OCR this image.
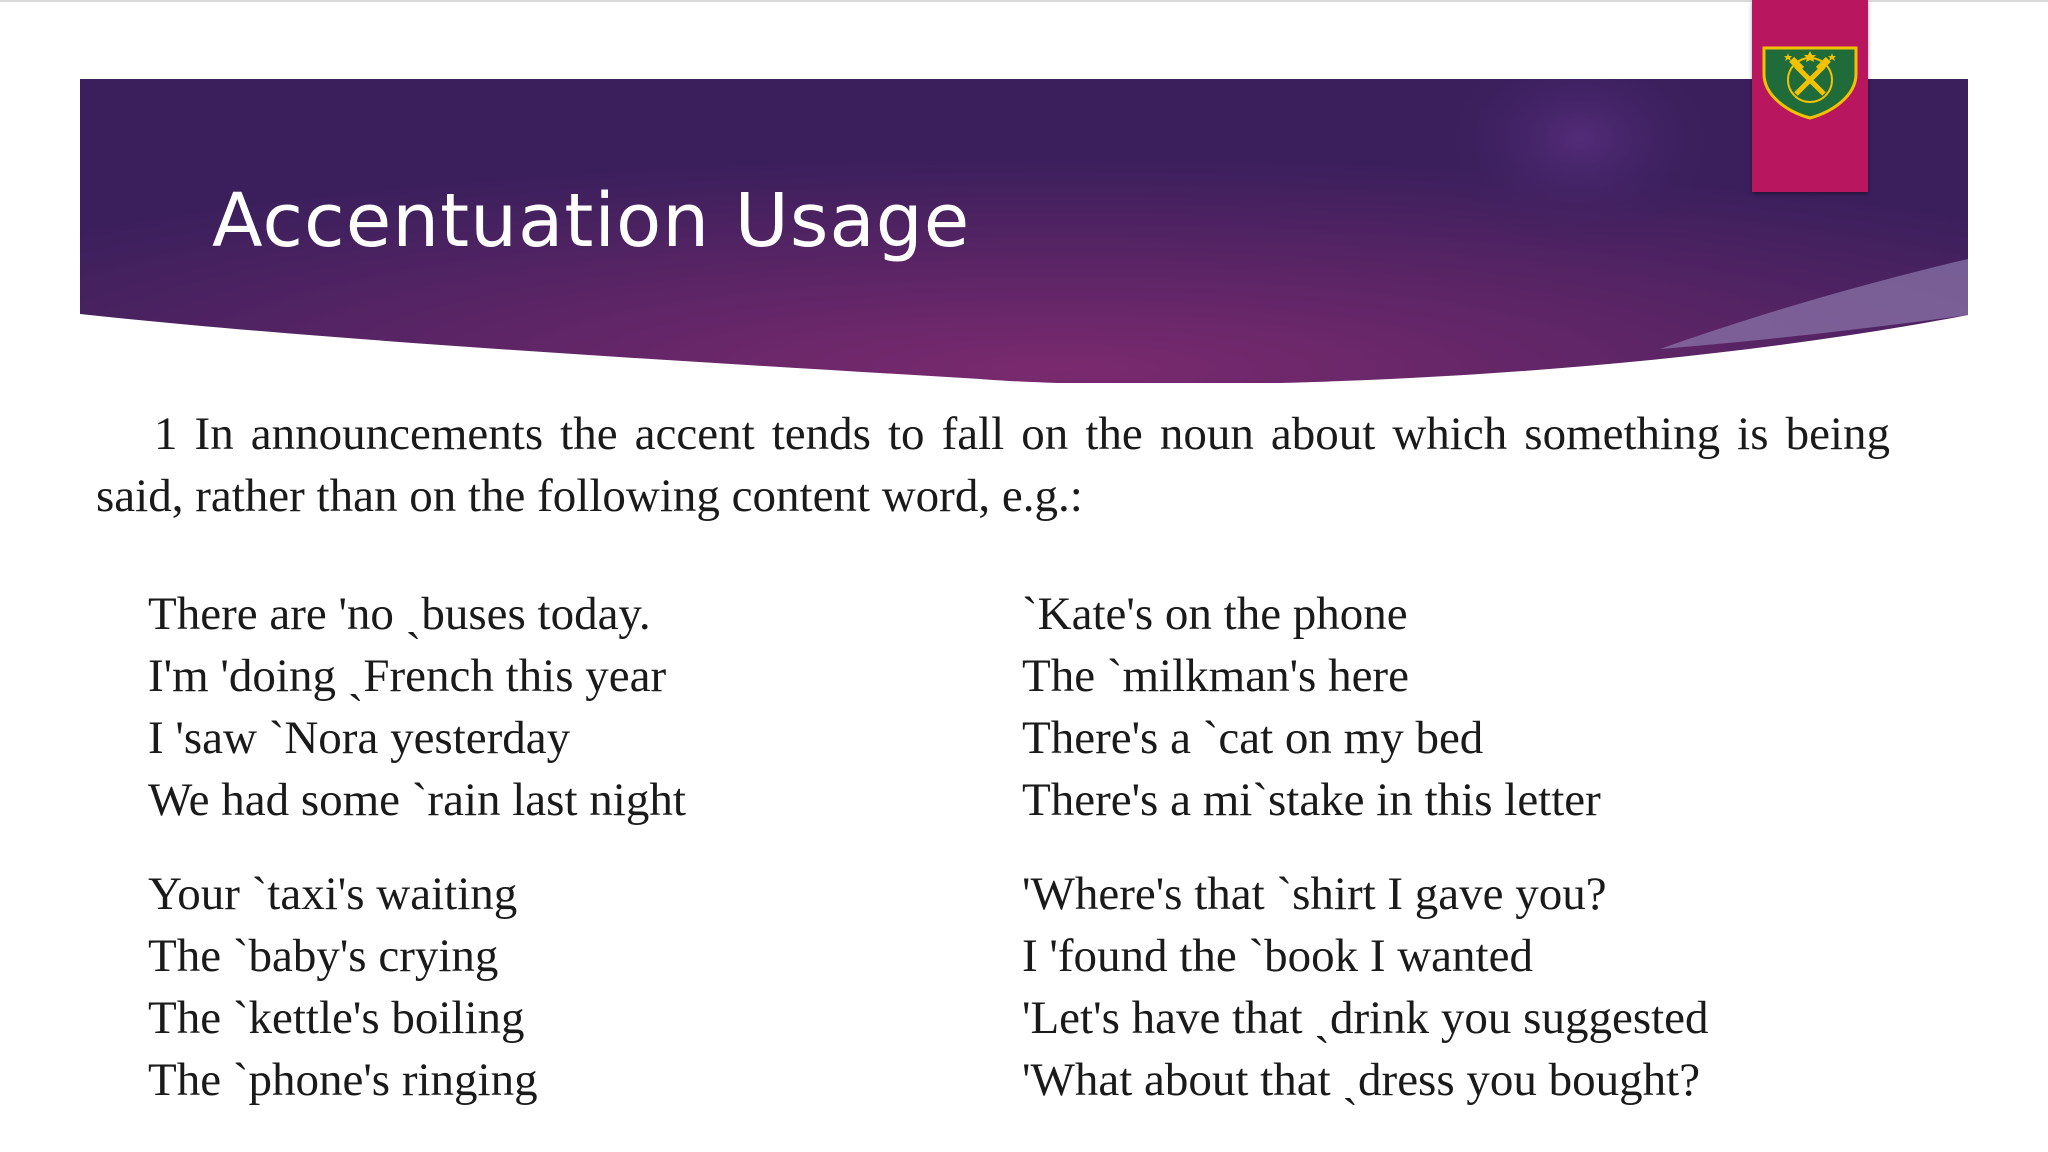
Accentuation Usage

1 In announcements the accent tends to fall on the noun about which something is being said, rather than on the following content word, e.g.:

There are 'no ˏbuses today.
I'm 'doing ˏFrench this year
I 'saw `Nora yesterday
We had some `rain last night
Your `taxi's waiting
The `baby's crying
The `kettle's boiling
The `phone's ringing
`Kate's on the phone
The `milkman's here
There's a `cat on my bed
There's a mi`stake in this letter
'Where's that `shirt I gave you?
I 'found the `book I wanted
'Let's have that ˏdrink you suggested
'What about that ˏdress you bought?
